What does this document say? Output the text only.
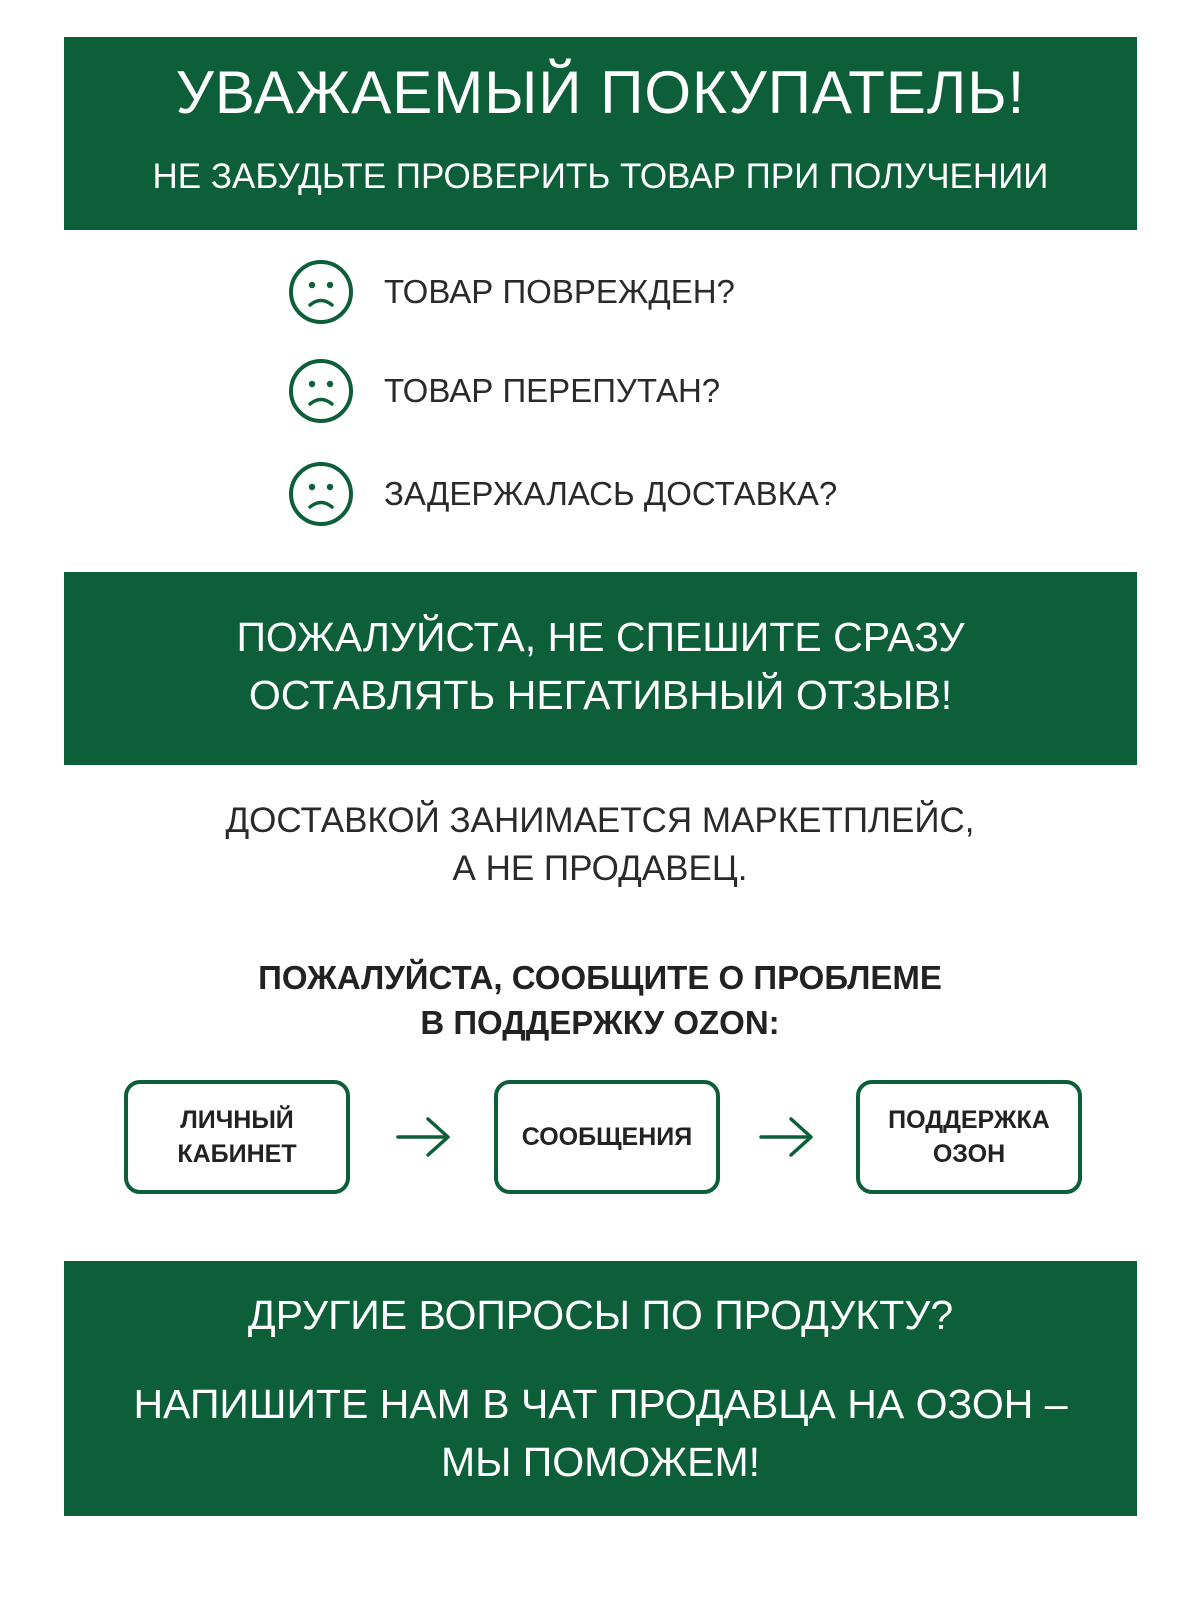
УВАЖАЕМЫЙ ПОКУПАТЕЛЬ!
НЕ ЗАБУДЬТЕ ПРОВЕРИТЬ ТОВАР ПРИ ПОЛУЧЕНИИ
ТОВАР ПОВРЕЖДЕН?
ТОВАР ПЕРЕПУТАН?
ЗАДЕРЖАЛАСЬ ДОСТАВКА?
ПОЖАЛУЙСТА, НЕ СПЕШИТЕ СРАЗУ
ОСТАВЛЯТЬ НЕГАТИВНЫЙ ОТЗЫВ!
ДОСТАВКОЙ ЗАНИМАЕТСЯ МАРКЕТПЛЕЙС,
А НЕ ПРОДАВЕЦ.
ПОЖАЛУЙСТА, СООБЩИТЕ О ПРОБЛЕМЕ
В ПОДДЕРЖКУ OZON:
ЛИЧНЫЙ
КАБИНЕТ
СООБЩЕНИЯ
ПОДДЕРЖКА
ОЗОН
ДРУГИЕ ВОПРОСЫ ПО ПРОДУКТУ?
НАПИШИТЕ НАМ В ЧАТ ПРОДАВЦА НА ОЗОН –
МЫ ПОМОЖЕМ!
